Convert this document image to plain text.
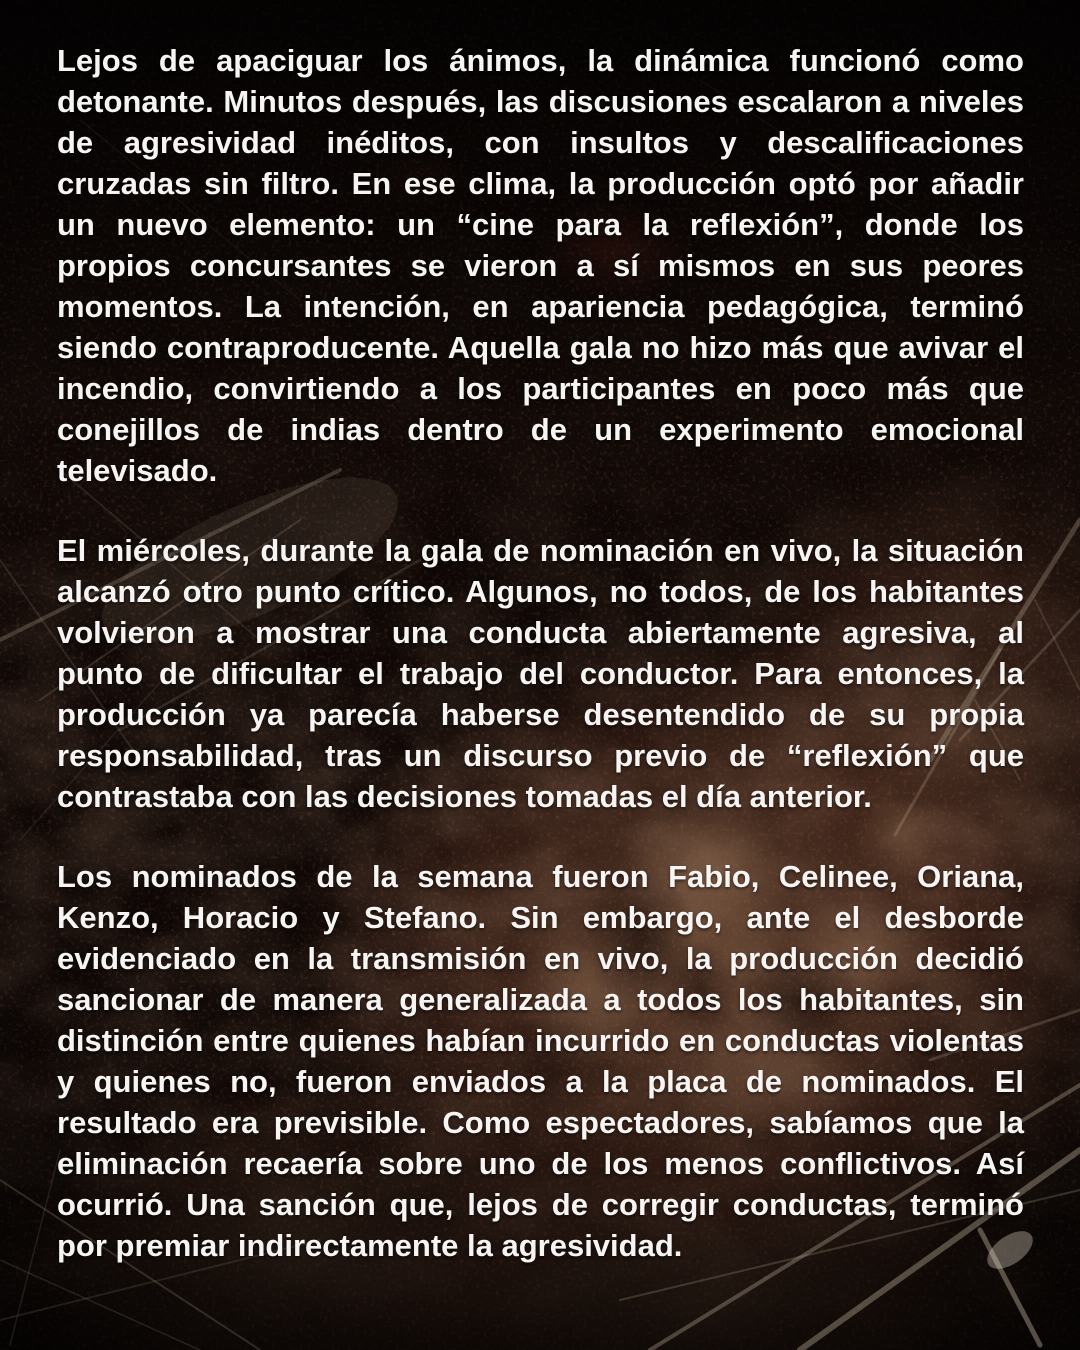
Lejos de apaciguar los ánimos, la dinámica funcionó como detonante. Minutos después, las discusiones escalaron a niveles de agresividad inéditos, con insultos y descalificaciones cruzadas sin filtro. En ese clima, la producción optó por añadir un nuevo elemento: un “cine para la reflexión”, donde los propios concursantes se vieron a sí mismos en sus peores momentos. La intención, en apariencia pedagógica, terminó siendo contraproducente. Aquella gala no hizo más que avivar el incendio, convirtiendo a los participantes en poco más que conejillos de indias dentro de un experimento emocional televisado.

El miércoles, durante la gala de nominación en vivo, la situación alcanzó otro punto crítico. Algunos, no todos, de los habitantes volvieron a mostrar una conducta abiertamente agresiva, al punto de dificultar el trabajo del conductor. Para entonces, la producción ya parecía haberse desentendido de su propia responsabilidad, tras un discurso previo de “reflexión” que contrastaba con las decisiones tomadas el día anterior.

Los nominados de la semana fueron Fabio, Celinee, Oriana, Kenzo, Horacio y Stefano. Sin embargo, ante el desborde evidenciado en la transmisión en vivo, la producción decidió sancionar de manera generalizada a todos los habitantes, sin distinción entre quienes habían incurrido en conductas violentas y quienes no, fueron enviados a la placa de nominados. El resultado era previsible. Como espectadores, sabíamos que la eliminación recaería sobre uno de los menos conflictivos. Así ocurrió. Una sanción que, lejos de corregir conductas, terminó por premiar indirectamente la agresividad.
